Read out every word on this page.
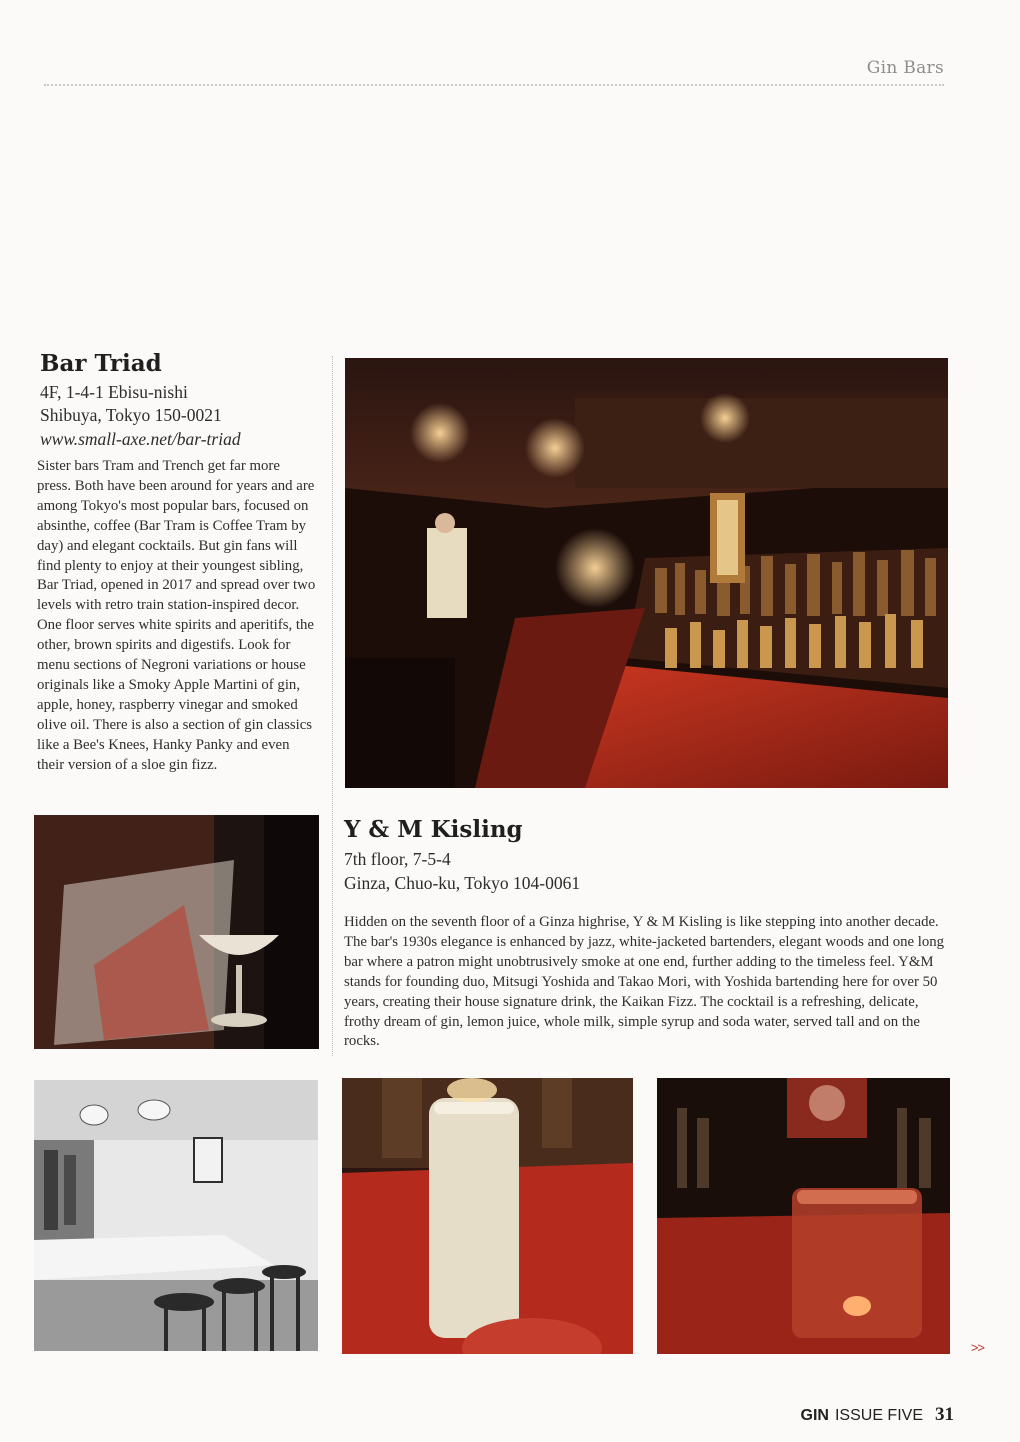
Gin Bars
Bar Triad
4F, 1-4-1 Ebisu-nishi
Shibuya, Tokyo 150-0021
www.small-axe.net/bar-triad

Sister bars Tram and Trench get far more press. Both have been around for years and are among Tokyo's most popular bars, focused on absinthe, coffee (Bar Tram is Coffee Tram by day) and elegant cocktails. But gin fans will find plenty to enjoy at their youngest sibling, Bar Triad, opened in 2017 and spread over two levels with retro train station-inspired decor. One floor serves white spirits and aperitifs, the other, brown spirits and digestifs. Look for menu sections of Negroni variations or house originals like a Smoky Apple Martini of gin, apple, honey, raspberry vinegar and smoked olive oil. There is also a section of gin classics like a Bee's Knees, Hanky Panky and even their version of a sloe gin fizz.

Y & M Kisling
7th floor, 7-5-4
Ginza, Chuo-ku, Tokyo 104-0061

Hidden on the seventh floor of a Ginza highrise, Y & M Kisling is like stepping into another decade. The bar's 1930s elegance is enhanced by jazz, white-jacketed bartenders, elegant woods and one long bar where a patron might unobtrusively smoke at one end, further adding to the timeless feel. Y&M stands for founding duo, Mitsugi Yoshida and Takao Mori, with Yoshida bartending here for over 50 years, creating their house signature drink, the Kaikan Fizz. The cocktail is a refreshing, delicate, frothy dream of gin, lemon juice, whole milk, simple syrup and soda water, served tall and on the rocks.

>>
GIN ISSUE FIVE 31
